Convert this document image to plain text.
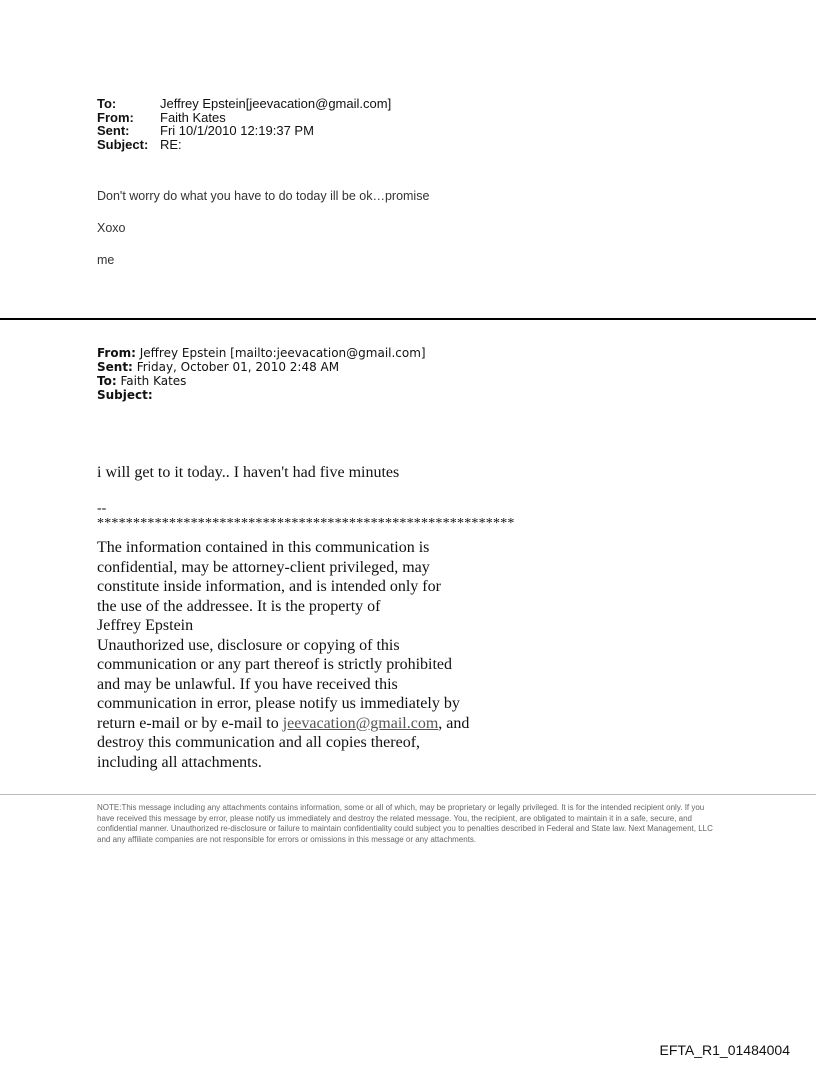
To:	Jeffrey Epstein[jeevacation@gmail.com]
From:	Faith Kates
Sent:	Fri 10/1/2010 12:19:37 PM
Subject: RE:
Don't worry do what you have to do today ill be ok…promise
Xoxo
me
From: Jeffrey Epstein [mailto:jeevacation@gmail.com]
Sent: Friday, October 01, 2010 2:48 AM
To: Faith Kates
Subject:
i will get to it today.. I haven't had five minutes
--
**********************************************************
The information contained in this communication is
confidential, may be attorney-client privileged, may
constitute inside information, and is intended only for
the use of the addressee. It is the property of
Jeffrey Epstein
Unauthorized use, disclosure or copying of this
communication or any part thereof is strictly prohibited
and may be unlawful. If you have received this
communication in error, please notify us immediately by
return e-mail or by e-mail to jeevacation@gmail.com, and
destroy this communication and all copies thereof,
including all attachments.
NOTE:This message including any attachments contains information, some or all of which, may be proprietary or legally privileged. It is for the intended recipient only. If you have received this message by error, please notify us immediately and destroy the related message. You, the recipient, are obligated to maintain it in a safe, secure, and confidential manner. Unauthorized re-disclosure or failure to maintain confidentiality could subject you to penalties described in Federal and State law. Next Management, LLC and any affiliate companies are not responsible for errors or omissions in this message or any attachments.
EFTA_R1_01484004
